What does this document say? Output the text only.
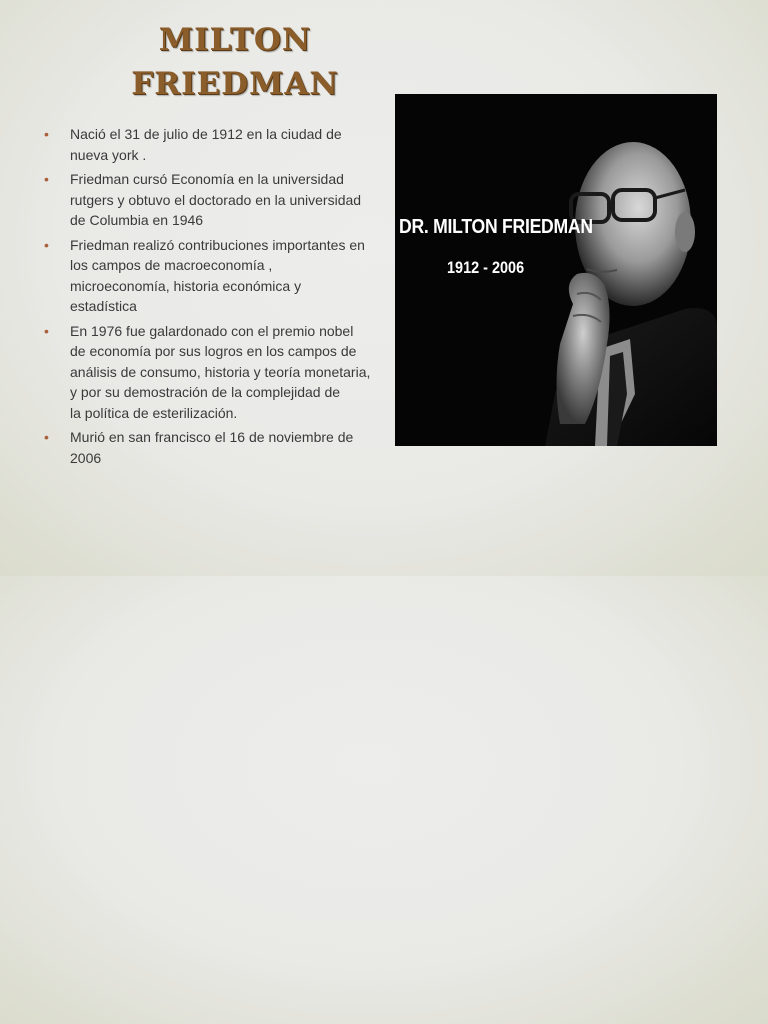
MILTON
FRIEDMAN
• Nació el 31 de julio de 1912 en la ciudad de
nueva york .
• Friedman cursó Economía en la universidad
rutgers y obtuvo el doctorado en la universidad
de Columbia en 1946
• Friedman realizó contribuciones importantes en
los campos de macroeconomía ,
microeconomía, historia económica y
estadística
• En 1976 fue galardonado con el premio nobel
de economía por sus logros en los campos de
análisis de consumo, historia y teoría monetaria,
y por su demostración de la complejidad de
la política de esterilización.
• Murió en san francisco el 16 de noviembre de
2006
DR. MILTON FRIEDMAN
1912 - 2006
